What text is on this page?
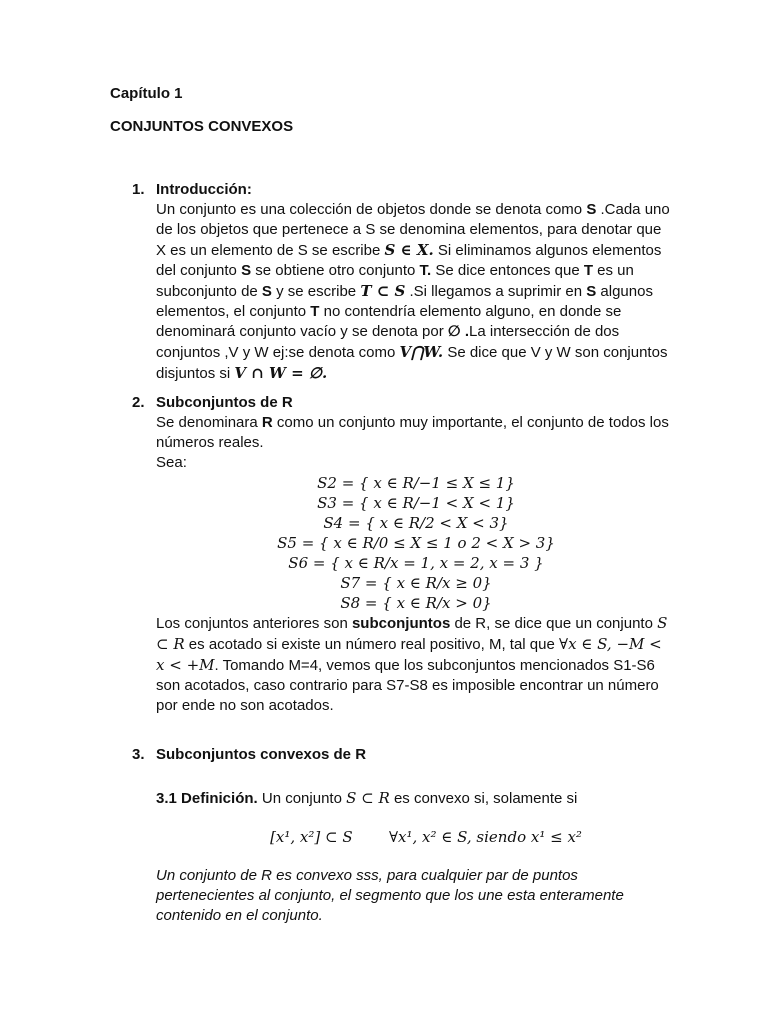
Capítulo 1
CONJUNTOS CONVEXOS
1. Introducción:

Un conjunto es una colección de objetos donde se denota como S .Cada uno de los objetos que pertenece a S se denomina elementos, para denotar que X es un elemento de S se escribe S ∈ X. Si eliminamos algunos elementos del conjunto S se obtiene otro conjunto T. Se dice entonces que T es un subconjunto de S y se escribe T ⊂ S .Si llegamos a suprimir en S algunos elementos, el conjunto T no contendría elemento alguno, en donde se denominará conjunto vacío y se denota por ∅ .La intersección de dos conjuntos ,V y W ej:se denota como V⋂W. Se dice que V y W son conjuntos disjuntos si V ∩ W = ∅.

2. Subconjuntos de R

Se denominara R como un conjunto muy importante, el conjunto de todos los números reales.

Sea:

S2 = { x ∈ R/−1 ≤ X ≤ 1}
S3 = { x ∈ R/−1 < X < 1}
S4 = { x ∈ R/2 < X < 3}
S5 = { x ∈ R/0 ≤ X ≤ 1 o 2 < X > 3}
S6 = { x ∈ R/x = 1, x = 2, x = 3 }
S7 = { x ∈ R/x ≥ 0}
S8 = { x ∈ R/x > 0}

Los conjuntos anteriores son subconjuntos de R, se dice que un conjunto S ⊂ R es acotado si existe un número real positivo, M, tal que ∀x ∈ S, −M < x < +M. Tomando M=4, vemos que los subconjuntos mencionados S1-S6 son acotados, caso contrario para S7-S8 es imposible encontrar un número por ende no son acotados.

3. Subconjuntos convexos de R

3.1 Definición. Un conjunto S ⊂ R es convexo si, solamente si

[x¹, x²] ⊂ S ∀x¹, x² ∈ S, siendo x¹ ≤ x²

Un conjunto de R es convexo sss, para cualquier par de puntos pertenecientes al conjunto, el segmento que los une esta enteramente contenido en el conjunto.
